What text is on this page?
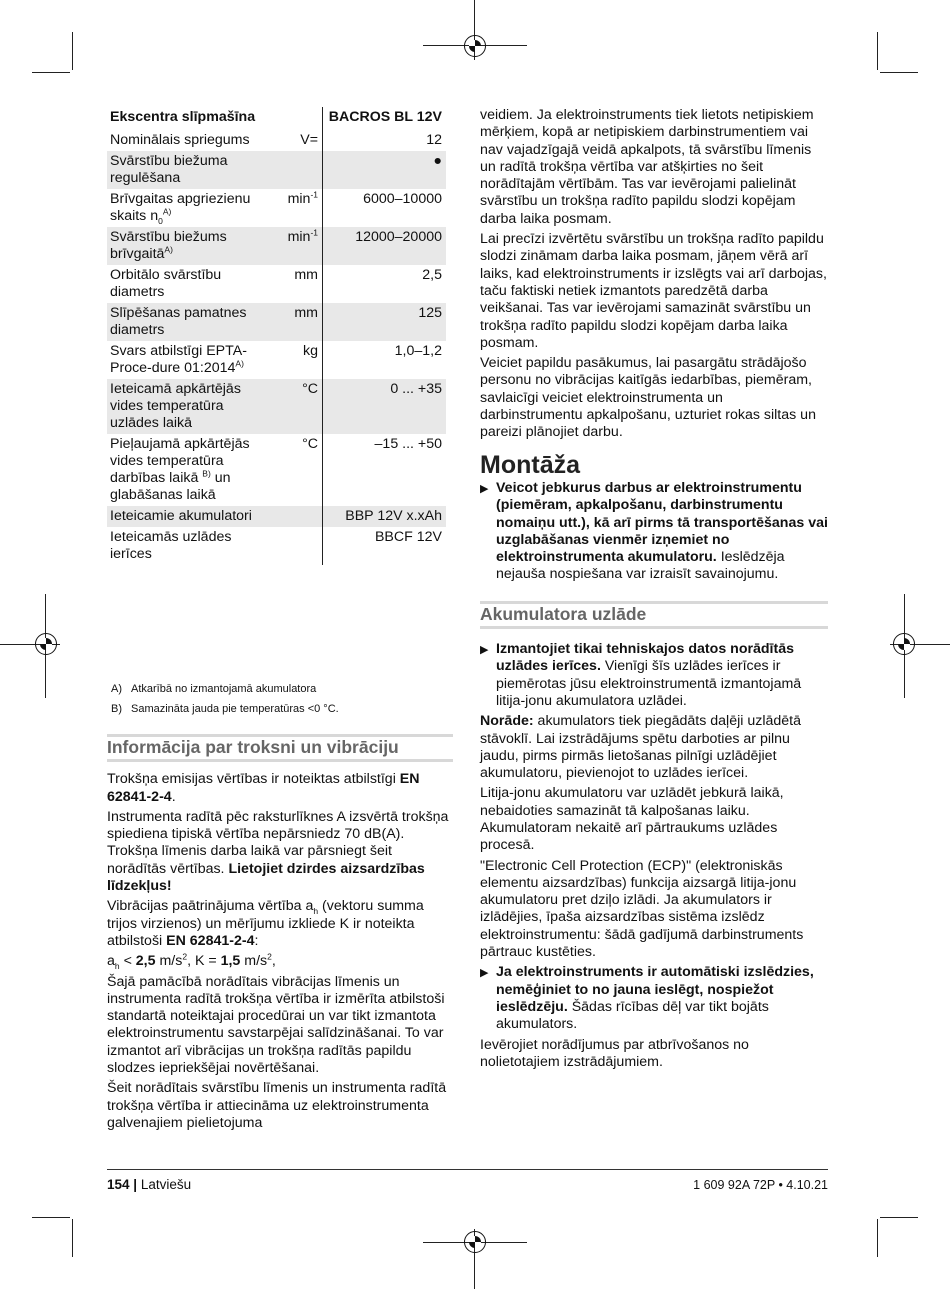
Ekscentra slīpmašīna		BACROS BL 12V
Nominālais spriegums	V=	12
Svārstību biežuma regulēšana		●
Brīvgaitas apgriezienu skaits $n_0^{A)}$	$\min^{-1}$	6000–10000
Svārstību biežums brīvgaitā$^{A)}$	$\min^{-1}$	12000–20000
Orbitālo svārstību diametrs	mm	2,5
Slīpēšanas pamatnes diametrs	mm	125
Svars atbilstīgi EPTA-Proce-dure $01:2014^{A)}$	kg	1,0–1,2
Ieteicamā apkārtējās vides temperatūra uzlādes laikā	°C	0 ... +35
Pieļaujamā apkārtējās vides temperatūra darbības laikā $^{B)}$ un glabāšanas laikā	°C	–15 ... +50
Ieteicamie akumulatori		BBP 12V x.xAh
Ieteicamās uzlādes ierīces		BBCF 12V
A) Atkarībā no izmantojamā akumulatora
B) Samazināta jauda pie temperatūras <0 °C.
Informācija par troksni un vibrāciju

Trokšņa emisijas vērtības ir noteiktas atbilstīgi EN 62841-2-4.

Instrumenta radītā pēc raksturlīknes A izsvērtā trokšņa spiediena tipiskā vērtība nepārsniedz 70 dB(A). Trokšņa līmenis darba laikā var pārsniegt šeit norādītās vērtības. Lietojiet dzirdes aizsardzības līdzekļus!

Vibrācijas paātrinājuma vērtība $a_h$ (vektoru summa trijos virzienos) un mērījumu izkliede K ir noteikta atbilstoši EN 62841-2-4:

$a_h < 2,5$ $m/s^2$, K = 1,5 $m/s^2$,

Šajā pamācībā norādītais vibrācijas līmenis un instrumenta radītā trokšņa vērtība ir izmērīta atbilstoši standartā noteiktajai procedūrai un var tikt izmantota elektroinstrumentu savstarpējai salīdzināšanai. To var izmantot arī vibrācijas un trokšņa radītās papildu slodzes iepriekšējai novērtēšanai.

Šeit norādītais svārstību līmenis un instrumenta radītā trokšņa vērtība ir attiecināma uz elektroinstrumenta galvenajiem pielietojuma

veidiem. Ja elektroinstruments tiek lietots netipiskiem mērķiem, kopā ar netipiskiem darbinstrumentiem vai nav vajadzīgajā veidā apkalpots, tā svārstību līmenis un radītā trokšņa vērtība var atšķirties no šeit norādītajām vērtībām. Tas var ievērojami palielināt svārstību un trokšņa radīto papildu slodzi kopējam darba laika posmam.

Lai precīzi izvērtētu svārstību un trokšņa radīto papildu slodzi zināmam darba laika posmam, jāņem vērā arī laiks, kad elektroinstruments ir izslēgts vai arī darbojas, taču faktiski netiek izmantots paredzētā darba veikšanai. Tas var ievērojami samazināt svārstību un trokšņa radīto papildu slodzi kopējam darba laika posmam.

Veiciet papildu pasākumus, lai pasargātu strādājošo personu no vibrācijas kaitīgās iedarbības, piemēram, savlaicīgi veiciet elektroinstrumenta un darbinstrumentu apkalpošanu, uzturiet rokas siltas un pareizi plānojiet darbu.

Montāža

▶ Veicot jebkurus darbus ar elektroinstrumentu (piemēram, apkalpošanu, darbinstrumentu nomaiņu utt.), kā arī pirms tā transportēšanas vai uzglabāšanas vienmēr izņemiet no elektroinstrumenta akumulatoru. Ieslēdzēja nejauša nospiešana var izraisīt savainojumu.

Akumulatora uzlāde

▶ Izmantojiet tikai tehniskajos datos norādītās uzlādes ierīces. Vienīgi šīs uzlādes ierīces ir piemērotas jūsu elektroinstrumentā izmantojamā litija-jonu akumulatora uzlādei.

Norāde: akumulators tiek piegādāts daļēji uzlādētā stāvoklī. Lai izstrādājums spētu darboties ar pilnu jaudu, pirms pirmās lietošanas pilnīgi uzlādējiet akumulatoru, pievienojot to uzlādes ierīcei.

Litija-jonu akumulatoru var uzlādēt jebkurā laikā, nebaidoties samazināt tā kalpošanas laiku. Akumulatoram nekaitē arī pārtraukums uzlādes procesā.

"Electronic Cell Protection (ECP)" (elektroniskās elementu aizsardzības) funkcija aizsargā litija-jonu akumulatoru pret dziļo izlādi. Ja akumulators ir izlādējies, īpaša aizsardzības sistēma izslēdz elektroinstrumentu: šādā gadījumā darbinstruments pārtrauc kustēties.

▶ Ja elektroinstruments ir automātiski izslēdzies, nemēģiniet to no jauna ieslēgt, nospiežot ieslēdzēju. Šādas rīcības dēļ var tikt bojāts akumulators.

Ievērojiet norādījumus par atbrīvošanos no nolietotajiem izstrādājumiem.

154 | Latviešu	1 609 92A 72P • 4.10.21
